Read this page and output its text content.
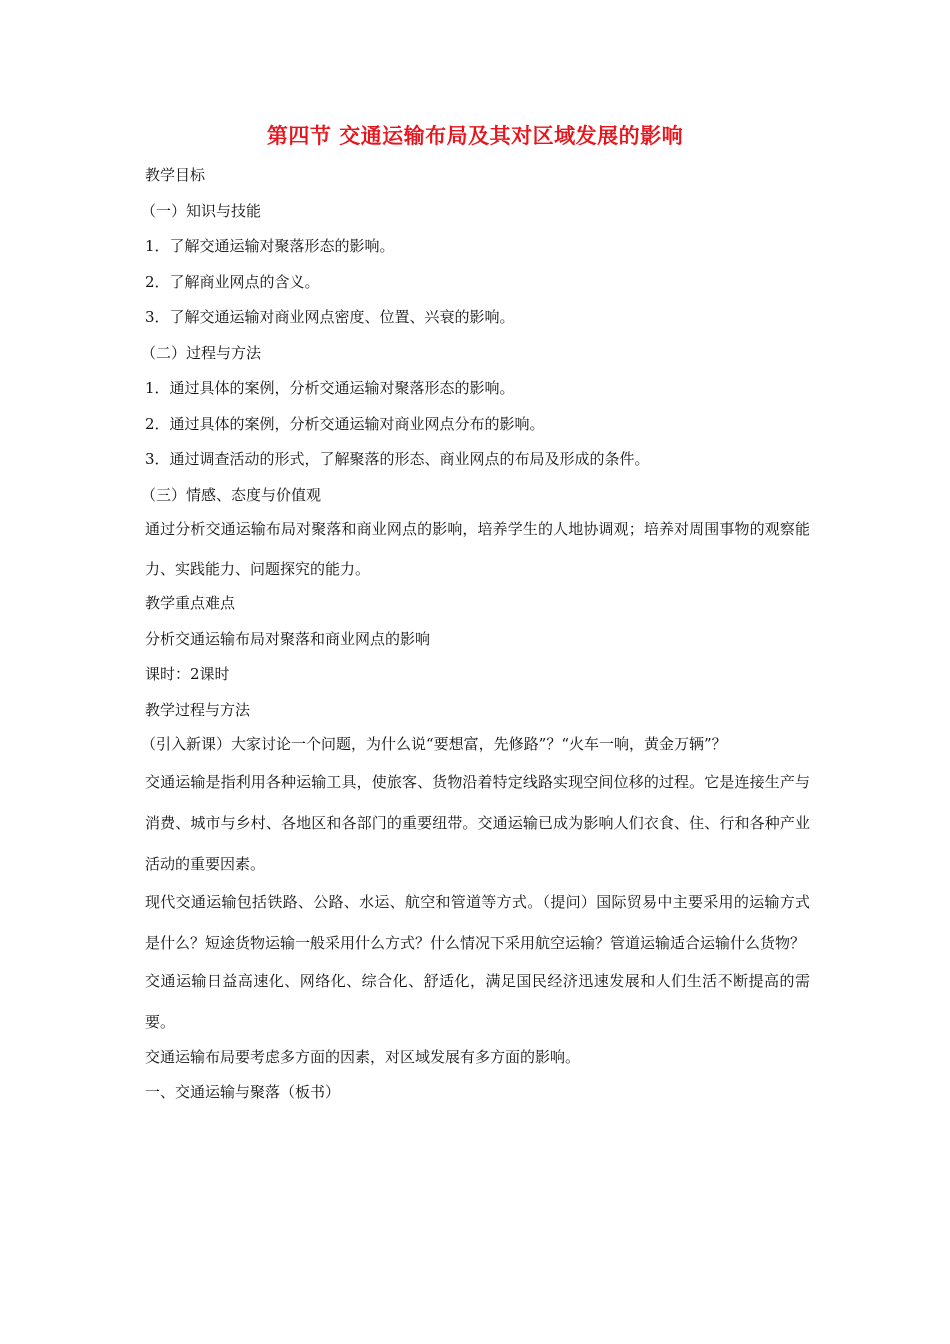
第四节 交通运输布局及其对区域发展的影响
教学目标
（一）知识与技能
1．了解交通运输对聚落形态的影响。
2．了解商业网点的含义。
3．了解交通运输对商业网点密度、位置、兴衰的影响。
（二）过程与方法
1．通过具体的案例，分析交通运输对聚落形态的影响。
2．通过具体的案例，分析交通运输对商业网点分布的影响。
3．通过调查活动的形式，了解聚落的形态、商业网点的布局及形成的条件。
（三）情感、态度与价值观
通过分析交通运输布局对聚落和商业网点的影响，培养学生的人地协调观；培养对周围事物的观察能力、实践能力、问题探究的能力。
教学重点难点
分析交通运输布局对聚落和商业网点的影响
课时：2课时
教学过程与方法
（引入新课）大家讨论一个问题，为什么说“要想富，先修路”？“火车一响，黄金万辆”？
交通运输是指利用各种运输工具，使旅客、货物沿着特定线路实现空间位移的过程。它是连接生产与消费、城市与乡村、各地区和各部门的重要纽带。交通运输已成为影响人们衣食、住、行和各种产业活动的重要因素。
现代交通运输包括铁路、公路、水运、航空和管道等方式。（提问）国际贸易中主要采用的运输方式是什么？短途货物运输一般采用什么方式？什么情况下采用航空运输？管道运输适合运输什么货物？
交通运输日益高速化、网络化、综合化、舒适化，满足国民经济迅速发展和人们生活不断提高的需要。
交通运输布局要考虑多方面的因素，对区域发展有多方面的影响。
一、交通运输与聚落（板书）
